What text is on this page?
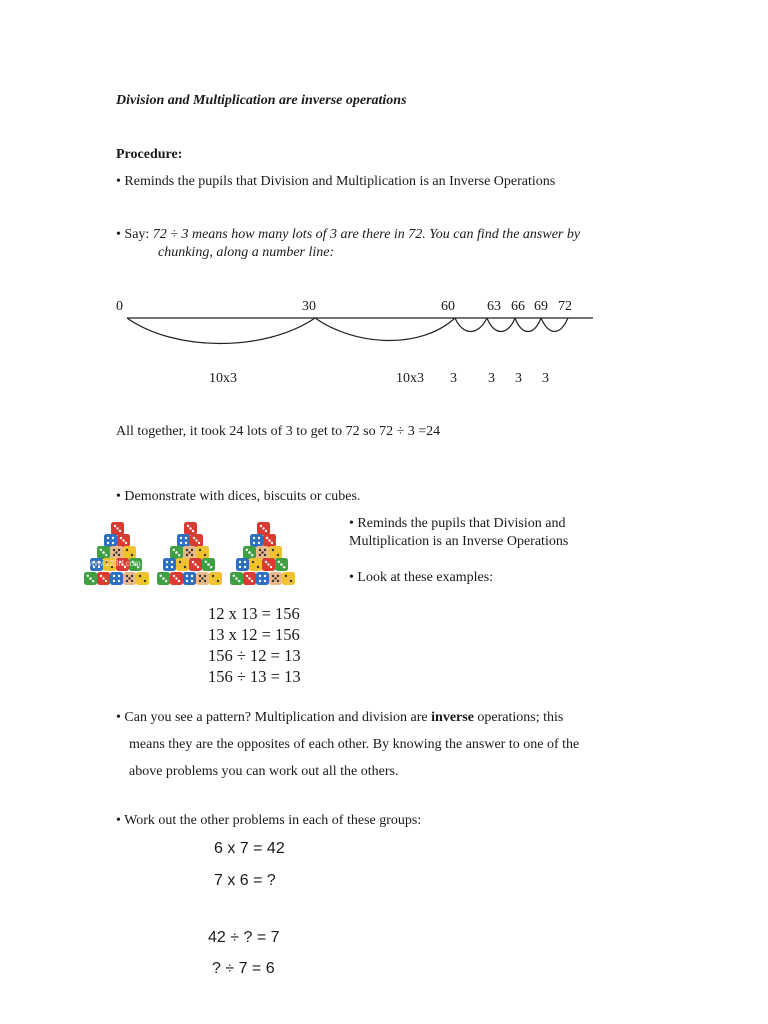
Division and Multiplication are inverse operations
Procedure:
• Reminds the pupils that Division and Multiplication is an Inverse Operations
• Say: 72 ÷ 3 means how many lots of 3 are there in 72. You can find the answer by
chunking, along a number line:
0	30	60 63 66 69 72
10x3	10x3 3 3 3 3
All together, it took 24 lots of 3 to get to 72 so 72 ÷ 3 =24
• Demonstrate with dices, biscuits or cubes.
www.123rf.com
• Reminds the pupils that Division and
Multiplication is an Inverse Operations
• Look at these examples:
12 x 13 = 156
13 x 12 = 156
156 ÷ 12 = 13
156 ÷ 13 = 13
• Can you see a pattern? Multiplication and division are inverse operations; this
means they are the opposites of each other. By knowing the answer to one of the
above problems you can work out all the others.
• Work out the other problems in each of these groups:
6 x 7 = 42
7 x 6 = ?
42 ÷ ? = 7
? ÷ 7 = 6
